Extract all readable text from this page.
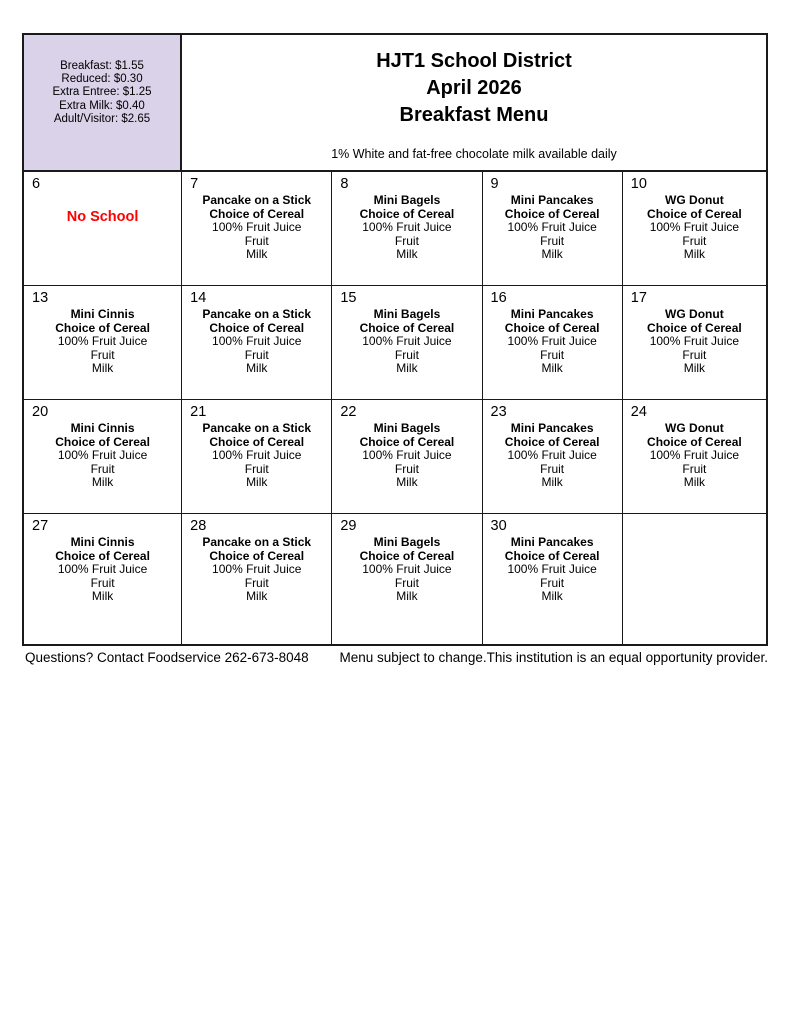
Breakfast: $1.55
Reduced: $0.30
Extra Entree: $1.25
Extra Milk: $0.40
Adult/Visitor: $2.65
HJT1 School District
April 2026
Breakfast Menu
1% White and fat-free chocolate milk available daily
6
No School
7
Pancake on a Stick
Choice of Cereal
100% Fruit Juice
Fruit
Milk
8
Mini Bagels
Choice of Cereal
100% Fruit Juice
Fruit
Milk
9
Mini Pancakes
Choice of Cereal
100% Fruit Juice
Fruit
Milk
10
WG Donut
Choice of Cereal
100% Fruit Juice
Fruit
Milk
13
Mini Cinnis
Choice of Cereal
100% Fruit Juice
Fruit
Milk
14
Pancake on a Stick
Choice of Cereal
100% Fruit Juice
Fruit
Milk
15
Mini Bagels
Choice of Cereal
100% Fruit Juice
Fruit
Milk
16
Mini Pancakes
Choice of Cereal
100% Fruit Juice
Fruit
Milk
17
WG Donut
Choice of Cereal
100% Fruit Juice
Fruit
Milk
20
Mini Cinnis
Choice of Cereal
100% Fruit Juice
Fruit
Milk
21
Pancake on a Stick
Choice of Cereal
100% Fruit Juice
Fruit
Milk
22
Mini Bagels
Choice of Cereal
100% Fruit Juice
Fruit
Milk
23
Mini Pancakes
Choice of Cereal
100% Fruit Juice
Fruit
Milk
24
WG Donut
Choice of Cereal
100% Fruit Juice
Fruit
Milk
27
Mini Cinnis
Choice of Cereal
100% Fruit Juice
Fruit
Milk
28
Pancake on a Stick
Choice of Cereal
100% Fruit Juice
Fruit
Milk
29
Mini Bagels
Choice of Cereal
100% Fruit Juice
Fruit
Milk
30
Mini Pancakes
Choice of Cereal
100% Fruit Juice
Fruit
Milk
Questions? Contact Foodservice 262-673-8048 Menu subject to change.This institution is an equal opportunity provider.
